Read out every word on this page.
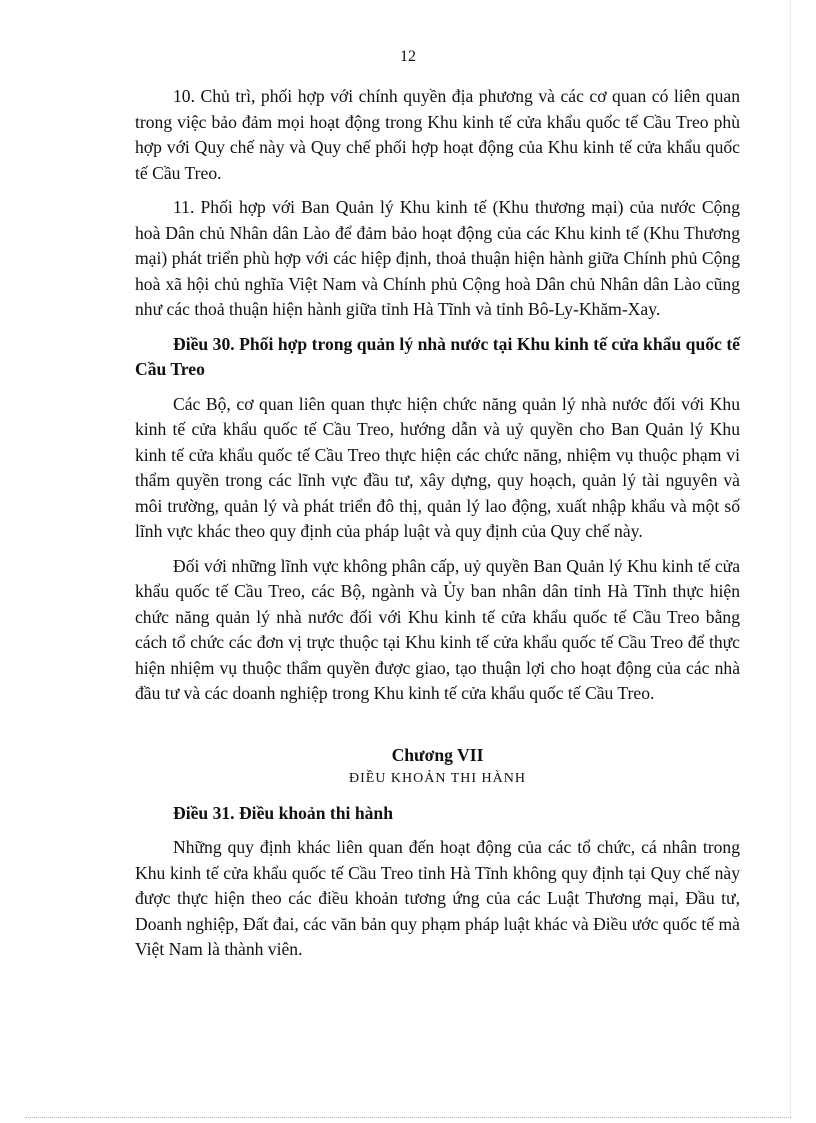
12

10. Chủ trì, phối hợp với chính quyền địa phương và các cơ quan có liên quan trong việc bảo đảm mọi hoạt động trong Khu kinh tế cửa khẩu quốc tế Cầu Treo phù hợp với Quy chế này và Quy chế phối hợp hoạt động của Khu kinh tế cửa khẩu quốc tế Cầu Treo.

11. Phối hợp với Ban Quản lý Khu kinh tế (Khu thương mại) của nước Cộng hoà Dân chủ Nhân dân Lào để đảm bảo hoạt động của các Khu kinh tế (Khu Thương mại) phát triển phù hợp với các hiệp định, thoả thuận hiện hành giữa Chính phủ Cộng hoà xã hội chủ nghĩa Việt Nam và Chính phủ Cộng hoà Dân chủ Nhân dân Lào cũng như các thoả thuận hiện hành giữa tỉnh Hà Tĩnh và tỉnh Bô-Ly-Khăm-Xay.

Điều 30. Phối hợp trong quản lý nhà nước tại Khu kinh tế cửa khẩu quốc tế Cầu Treo

Các Bộ, cơ quan liên quan thực hiện chức năng quản lý nhà nước đối với Khu kinh tế cửa khẩu quốc tế Cầu Treo, hướng dẫn và uỷ quyền cho Ban Quản lý Khu kinh tế cửa khẩu quốc tế Cầu Treo thực hiện các chức năng, nhiệm vụ thuộc phạm vi thẩm quyền trong các lĩnh vực đầu tư, xây dựng, quy hoạch, quản lý tài nguyên và môi trường, quản lý và phát triển đô thị, quản lý lao động, xuất nhập khẩu và một số lĩnh vực khác theo quy định của pháp luật và quy định của Quy chế này.

Đối với những lĩnh vực không phân cấp, uỷ quyền Ban Quản lý Khu kinh tế cửa khẩu quốc tế Cầu Treo, các Bộ, ngành và Ủy ban nhân dân tỉnh Hà Tĩnh thực hiện chức năng quản lý nhà nước đối với Khu kinh tế cửa khẩu quốc tế Cầu Treo bằng cách tổ chức các đơn vị trực thuộc tại Khu kinh tế cửa khẩu quốc tế Cầu Treo để thực hiện nhiệm vụ thuộc thẩm quyền được giao, tạo thuận lợi cho hoạt động của các nhà đầu tư và các doanh nghiệp trong Khu kinh tế cửa khẩu quốc tế Cầu Treo.

Chương VII

ĐIỀU KHOẢN THI HÀNH

Điều 31. Điều khoản thi hành

Những quy định khác liên quan đến hoạt động của các tổ chức, cá nhân trong Khu kinh tế cửa khẩu quốc tế Cầu Treo tỉnh Hà Tĩnh không quy định tại Quy chế này được thực hiện theo các điều khoản tương ứng của các Luật Thương mại, Đầu tư, Doanh nghiệp, Đất đai, các văn bản quy phạm pháp luật khác và Điều ước quốc tế mà Việt Nam là thành viên.
